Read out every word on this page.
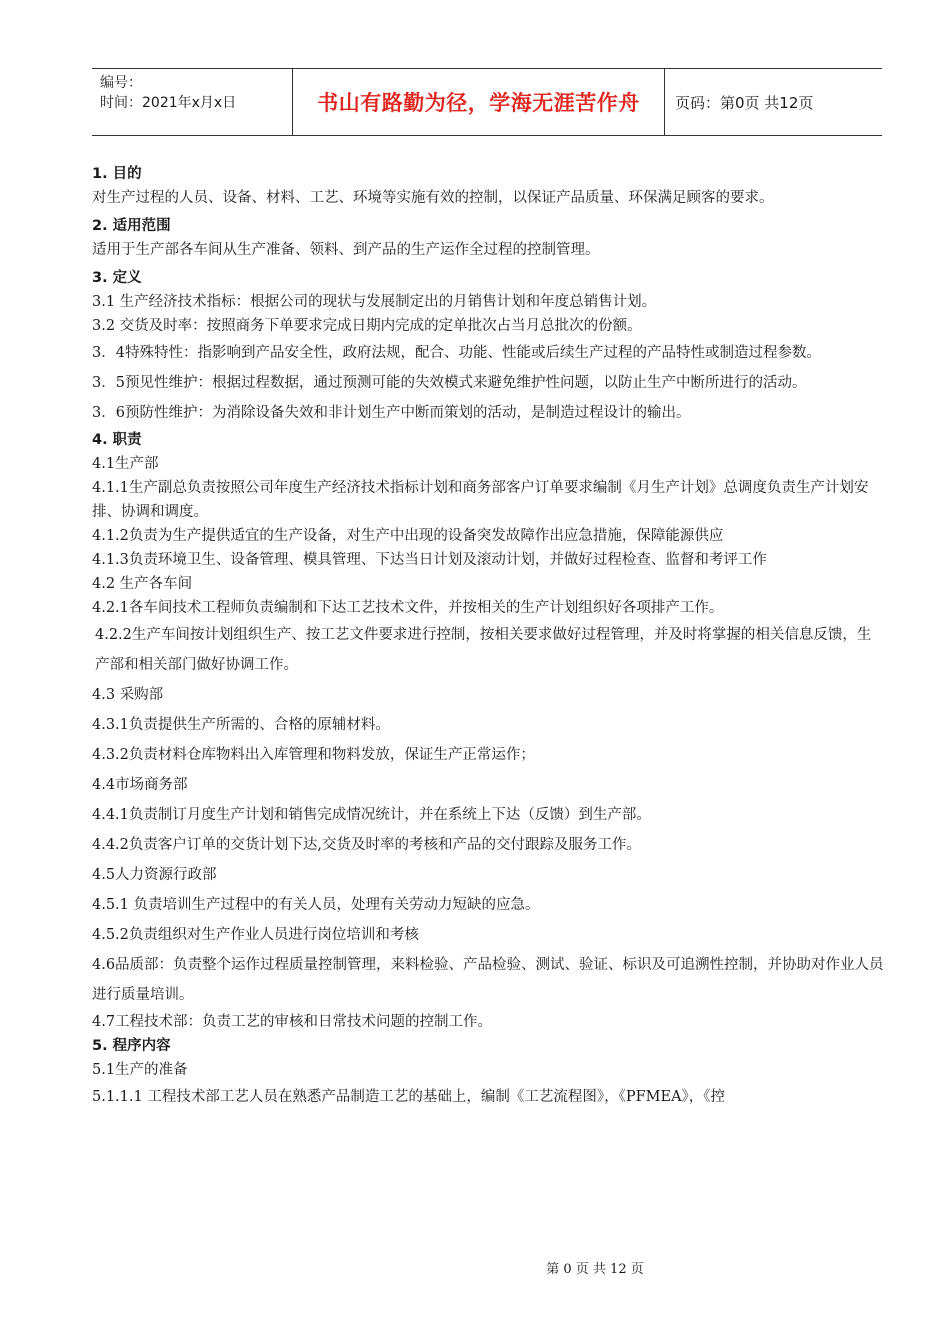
编号：
时间：2021年x月x日	书山有路勤为径，学海无涯苦作舟	页码：第0页 共12页
1. 目的
对生产过程的人员、设备、材料、工艺、环境等实施有效的控制，以保证产品质量、环保满足顾客的要求。
2. 适用范围
适用于生产部各车间从生产准备、领料、到产品的生产运作全过程的控制管理。
3. 定义
3.1 生产经济技术指标：根据公司的现状与发展制定出的月销售计划和年度总销售计划。
3.2 交货及时率：按照商务下单要求完成日期内完成的定单批次占当月总批次的份额。
3．4特殊特性：指影响到产品安全性，政府法规，配合、功能、性能或后续生产过程的产品特性或制造过程参数。
3．5预见性维护：根据过程数据，通过预测可能的失效模式来避免维护性问题，以防止生产中断所进行的活动。
3．6预防性维护：为消除设备失效和非计划生产中断而策划的活动，是制造过程设计的输出。
4. 职责
4.1生产部
4.1.1生产副总负责按照公司年度生产经济技术指标计划和商务部客户订单要求编制《月生产计划》总调度负责生产计划安排、协调和调度。
4.1.2负责为生产提供适宜的生产设备，对生产中出现的设备突发故障作出应急措施，保障能源供应
4.1.3负责环境卫生、设备管理、模具管理、下达当日计划及滚动计划，并做好过程检查、监督和考评工作
4.2 生产各车间
4.2.1各车间技术工程师负责编制和下达工艺技术文件，并按相关的生产计划组织好各项排产工作。
4.2.2生产车间按计划组织生产、按工艺文件要求进行控制，按相关要求做好过程管理，并及时将掌握的相关信息反馈，生产部和相关部门做好协调工作。
4.3 采购部
4.3.1负责提供生产所需的、合格的原辅材料。
4.3.2负责材料仓库物料出入库管理和物料发放，保证生产正常运作；
4.4市场商务部
4.4.1负责制订月度生产计划和销售完成情况统计，并在系统上下达（反馈）到生产部。
4.4.2负责客户订单的交货计划下达,交货及时率的考核和产品的交付跟踪及服务工作。
4.5人力资源行政部
4.5.1 负责培训生产过程中的有关人员，处理有关劳动力短缺的应急。
4.5.2负责组织对生产作业人员进行岗位培训和考核
4.6品质部：负责整个运作过程质量控制管理，来料检验、产品检验、测试、验证、标识及可追溯性控制，并协助对作业人员进行质量培训。
4.7工程技术部：负责工艺的审核和日常技术问题的控制工作。
5. 程序内容
5.1生产的准备
5.1.1.1 工程技术部工艺人员在熟悉产品制造工艺的基础上，编制《工艺流程图》，《PFMEA》，《控
第 0 页 共 12 页
